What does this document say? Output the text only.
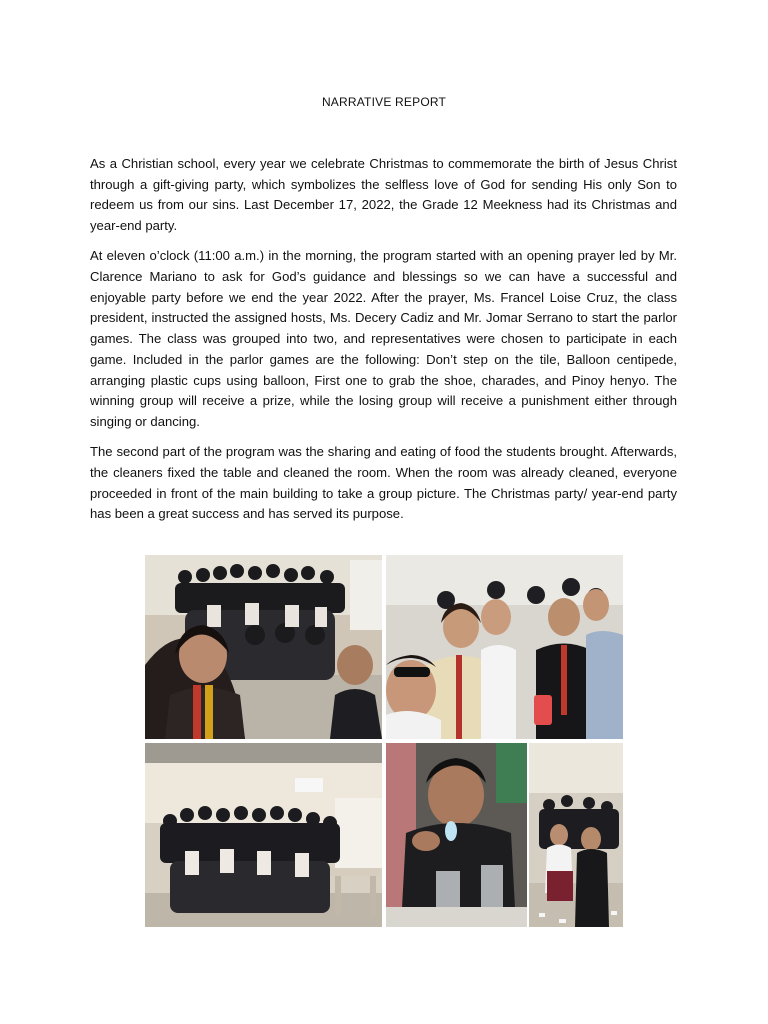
NARRATIVE REPORT

As a Christian school, every year we celebrate Christmas to commemorate the birth of Jesus Christ through a gift-giving party, which symbolizes the selfless love of God for sending His only Son to redeem us from our sins. Last December 17, 2022, the Grade 12 Meekness had its Christmas and year-end party.

At eleven o’clock (11:00 a.m.) in the morning, the program started with an opening prayer led by Mr. Clarence Mariano to ask for God’s guidance and blessings so we can have a successful and enjoyable party before we end the year 2022. After the prayer, Ms. Francel Loise Cruz, the class president, instructed the assigned hosts, Ms. Decery Cadiz and Mr. Jomar Serrano to start the parlor games. The class was grouped into two, and representatives were chosen to participate in each game. Included in the parlor games are the following: Don’t step on the tile, Balloon centipede, arranging plastic cups using balloon, First one to grab the shoe, charades, and Pinoy henyo. The winning group will receive a prize, while the losing group will receive a punishment either through singing or dancing.

The second part of the program was the sharing and eating of food the students brought. Afterwards, the cleaners fixed the table and cleaned the room. When the room was already cleaned, everyone proceeded in front of the main building to take a group picture. The Christmas party/ year-end party has been a great success and has served its purpose.
